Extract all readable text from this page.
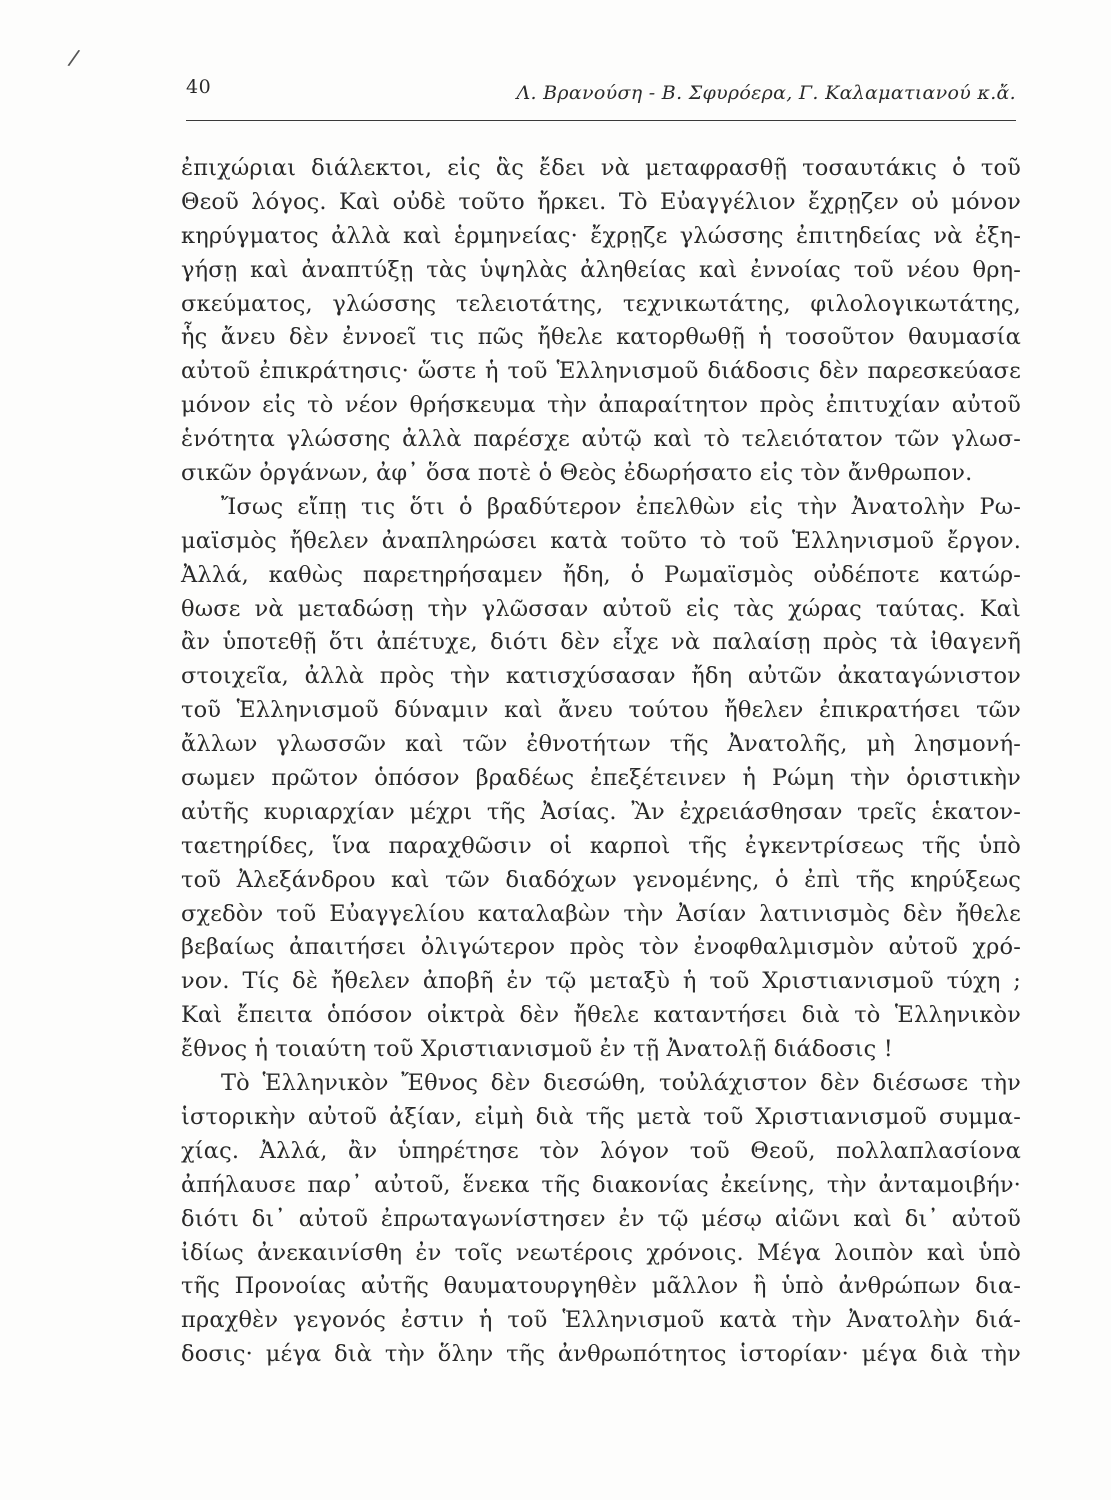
/
40	Λ. Βρανούση - Β. Σφυρόερα, Γ. Καλαματιανού κ.ἄ.
ἐπιχώριαι διάλεκτοι, εἰς ἃς ἔδει νὰ μεταφρασθῇ τοσαυτάκις ὁ τοῦ
Θεοῦ λόγος. Καὶ οὐδὲ τοῦτο ἤρκει. Τὸ Εὐαγγέλιον ἔχρῃζεν οὐ μόνον
κηρύγματος ἀλλὰ καὶ ἑρμηνείας· ἔχρῃζε γλώσσης ἐπιτηδείας νὰ ἐξη-
γήσῃ καὶ ἀναπτύξῃ τὰς ὑψηλὰς ἀληθείας καὶ ἐννοίας τοῦ νέου θρη-
σκεύματος, γλώσσης τελειοτάτης, τεχνικωτάτης, φιλολογικωτάτης,
ἧς ἄνευ δὲν ἐννοεῖ τις πῶς ἤθελε κατορθωθῇ ἡ τοσοῦτον θαυμασία
αὐτοῦ ἐπικράτησις· ὥστε ἡ τοῦ Ἑλληνισμοῦ διάδοσις δὲν παρεσκεύασε
μόνον εἰς τὸ νέον θρήσκευμα τὴν ἀπαραίτητον πρὸς ἐπιτυχίαν αὐτοῦ
ἑνότητα γλώσσης ἀλλὰ παρέσχε αὐτῷ καὶ τὸ τελειότατον τῶν γλωσ-
σικῶν ὀργάνων, ἀφ᾽ ὅσα ποτὲ ὁ Θεὸς ἐδωρήσατο εἰς τὸν ἄνθρωπον.
Ἴσως εἴπῃ τις ὅτι ὁ βραδύτερον ἐπελθὼν εἰς τὴν Ἀνατολὴν Ρω-
μαϊσμὸς ἤθελεν ἀναπληρώσει κατὰ τοῦτο τὸ τοῦ Ἑλληνισμοῦ ἔργον.
Ἀλλά, καθὼς παρετηρήσαμεν ἤδη, ὁ Ρωμαϊσμὸς οὐδέποτε κατώρ-
θωσε νὰ μεταδώσῃ τὴν γλῶσσαν αὐτοῦ εἰς τὰς χώρας ταύτας. Καὶ
ἂν ὑποτεθῇ ὅτι ἀπέτυχε, διότι δὲν εἶχε νὰ παλαίσῃ πρὸς τὰ ἰθαγενῆ
στοιχεῖα, ἀλλὰ πρὸς τὴν κατισχύσασαν ἤδη αὐτῶν ἀκαταγώνιστον
τοῦ Ἑλληνισμοῦ δύναμιν καὶ ἄνευ τούτου ἤθελεν ἐπικρατήσει τῶν
ἄλλων γλωσσῶν καὶ τῶν ἐθνοτήτων τῆς Ἀνατολῆς, μὴ λησμονή-
σωμεν πρῶτον ὁπόσον βραδέως ἐπεξέτεινεν ἡ Ρώμη τὴν ὁριστικὴν
αὐτῆς κυριαρχίαν μέχρι τῆς Ἀσίας. Ἂν ἐχρειάσθησαν τρεῖς ἑκατον-
ταετηρίδες, ἵνα παραχθῶσιν οἱ καρποὶ τῆς ἐγκεντρίσεως τῆς ὑπὸ
τοῦ Ἀλεξάνδρου καὶ τῶν διαδόχων γενομένης, ὁ ἐπὶ τῆς κηρύξεως
σχεδὸν τοῦ Εὐαγγελίου καταλαβὼν τὴν Ἀσίαν λατινισμὸς δὲν ἤθελε
βεβαίως ἀπαιτήσει ὀλιγώτερον πρὸς τὸν ἐνοφθαλμισμὸν αὐτοῦ χρό-
νον. Τίς δὲ ἤθελεν ἀποβῆ ἐν τῷ μεταξὺ ἡ τοῦ Χριστιανισμοῦ τύχη ;
Καὶ ἔπειτα ὁπόσον οἰκτρὰ δὲν ἤθελε καταντήσει διὰ τὸ Ἑλληνικὸν
ἔθνος ἡ τοιαύτη τοῦ Χριστιανισμοῦ ἐν τῇ Ἀνατολῇ διάδοσις !
Τὸ Ἑλληνικὸν Ἔθνος δὲν διεσώθη, τοὐλάχιστον δὲν διέσωσε τὴν
ἱστορικὴν αὐτοῦ ἀξίαν, εἰμὴ διὰ τῆς μετὰ τοῦ Χριστιανισμοῦ συμμα-
χίας. Ἀλλά, ἂν ὑπηρέτησε τὸν λόγον τοῦ Θεοῦ, πολλαπλασίονα
ἀπήλαυσε παρ᾽ αὐτοῦ, ἕνεκα τῆς διακονίας ἐκείνης, τὴν ἀνταμοιβήν·
διότι δι᾽ αὐτοῦ ἐπρωταγωνίστησεν ἐν τῷ μέσῳ αἰῶνι καὶ δι᾽ αὐτοῦ
ἰδίως ἀνεκαινίσθη ἐν τοῖς νεωτέροις χρόνοις. Μέγα λοιπὸν καὶ ὑπὸ
τῆς Προνοίας αὐτῆς θαυματουργηθὲν μᾶλλον ἢ ὑπὸ ἀνθρώπων δια-
πραχθὲν γεγονός ἐστιν ἡ τοῦ Ἑλληνισμοῦ κατὰ τὴν Ἀνατολὴν διά-
δοσις· μέγα διὰ τὴν ὅλην τῆς ἀνθρωπότητος ἱστορίαν· μέγα διὰ τὴν
